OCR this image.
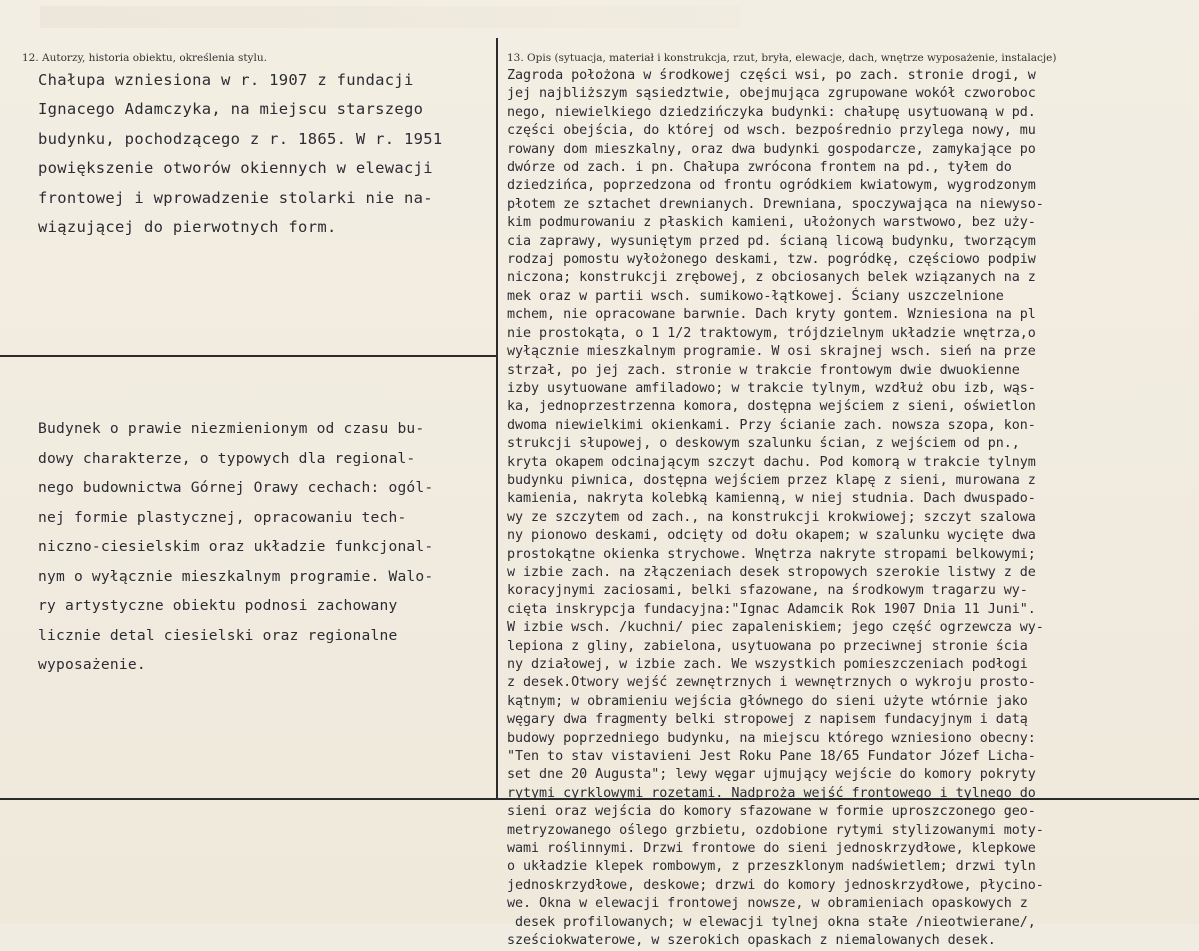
12. Autorzy, historia obiektu, określenia stylu.	13. Opis (sytuacja, materiał i konstrukcja, rzut, bryła, elewacje, dach, wnętrze wyposażenie, instalacje)
Chałupa wzniesiona w r. 1907 z fundacji
Ignacego Adamczyka, na miejscu starszego
budynku, pochodzącego z r. 1865. W r. 1951
powiększenie otworów okiennych w elewacji
frontowej i wprowadzenie stolarki nie na-
wiązującej do pierwotnych form.
Budynek o prawie niezmienionym od czasu bu-
dowy charakterze, o typowych dla regional-
nego budownictwa Górnej Orawy cechach: ogól-
nej formie plastycznej, opracowaniu tech-
niczno-ciesielskim oraz układzie funkcjonal-
nym o wyłącznie mieszkalnym programie. Walo-
ry artystyczne obiektu podnosi zachowany
licznie detal ciesielski oraz regionalne
wyposażenie.
Zagroda położona w środkowej części wsi, po zach. stronie drogi, w
jej najbliższym sąsiedztwie, obejmująca zgrupowane wokół czworoboc
nego, niewielkiego dziedzińczyka budynki: chałupę usytuowaną w pd.
części obejścia, do której od wsch. bezpośrednio przylega nowy, mu
rowany dom mieszkalny, oraz dwa budynki gospodarcze, zamykające po
dwórze od zach. i pn. Chałupa zwrócona frontem na pd., tyłem do
dziedzińca, poprzedzona od frontu ogródkiem kwiatowym, wygrodzonym
płotem ze sztachet drewnianych. Drewniana, spoczywająca na niewyso-
kim podmurowaniu z płaskich kamieni, ułożonych warstwowo, bez uży-
cia zaprawy, wysuniętym przed pd. ścianą licową budynku, tworzącym
rodzaj pomostu wyłożonego deskami, tzw. pogródkę, częściowo podpiw
niczona; konstrukcji zrębowej, z obciosanych belek wziązanych na z
mek oraz w partii wsch. sumikowo-łątkowej. Ściany uszczelnione
mchem, nie opracowane barwnie. Dach kryty gontem. Wzniesiona na pl
nie prostokąta, o 1 1/2 traktowym, trójdzielnym układzie wnętrza,o
wyłącznie mieszkalnym programie. W osi skrajnej wsch. sień na prze
strzał, po jej zach. stronie w trakcie frontowym dwie dwuokienne
izby usytuowane amfiladowo; w trakcie tylnym, wzdłuż obu izb, wąs-
ka, jednoprzestrzenna komora, dostępna wejściem z sieni, oświetlon
dwoma niewielkimi okienkami. Przy ścianie zach. nowsza szopa, kon-
strukcji słupowej, o deskowym szalunku ścian, z wejściem od pn.,
kryta okapem odcinającym szczyt dachu. Pod komorą w trakcie tylnym
budynku piwnica, dostępna wejściem przez klapę z sieni, murowana z
kamienia, nakryta kolebką kamienną, w niej studnia. Dach dwuspado-
wy ze szczytem od zach., na konstrukcji krokwiowej; szczyt szalowa
ny pionowo deskami, odcięty od dołu okapem; w szalunku wycięte dwa
prostokątne okienka strychowe. Wnętrza nakryte stropami belkowymi;
w izbie zach. na złączeniach desek stropowych szerokie listwy z de
koracyjnymi zaciosami, belki sfazowane, na środkowym tragarzu wy-
cięta inskrypcja fundacyjna:"Ignac Adamcik Rok 1907 Dnia 11 Juni".
W izbie wsch. /kuchni/ piec zapaleniskiem; jego część ogrzewcza wy-
lepiona z gliny, zabielona, usytuowana po przeciwnej stronie ścia
ny działowej, w izbie zach. We wszystkich pomieszczeniach podłogi
z desek.Otwory wejść zewnętrznych i wewnętrznych o wykroju prosto-
kątnym; w obramieniu wejścia głównego do sieni użyte wtórnie jako
węgary dwa fragmenty belki stropowej z napisem fundacyjnym i datą
budowy poprzedniego budynku, na miejscu którego wzniesiono obecny:
"Ten to stav vistavieni Jest Roku Pane 18/65 Fundator Józef Licha-
set dne 20 Augusta"; lewy węgar ujmujący wejście do komory pokryty
rytymi cyrklowymi rozetami. Nadproża wejść frontowego i tylnego do
sieni oraz wejścia do komory sfazowane w formie uproszczonego geo-
metryzowanego oślego grzbietu, ozdobione rytymi stylizowanymi moty-
wami roślinnymi. Drzwi frontowe do sieni jednoskrzydłowe, klepkowe
o układzie klepek rombowym, z przeszklonym nadświetlem; drzwi tyln
jednoskrzydłowe, deskowe; drzwi do komory jednoskrzydłowe, płycino-
we. Okna w elewacji frontowej nowsze, w obramieniach opaskowych z
desek profilowanych; w elewacji tylnej okna stałe /nieotwierane/,
sześciokwaterowe, w szerokich opaskach z niemalowanych desek.
